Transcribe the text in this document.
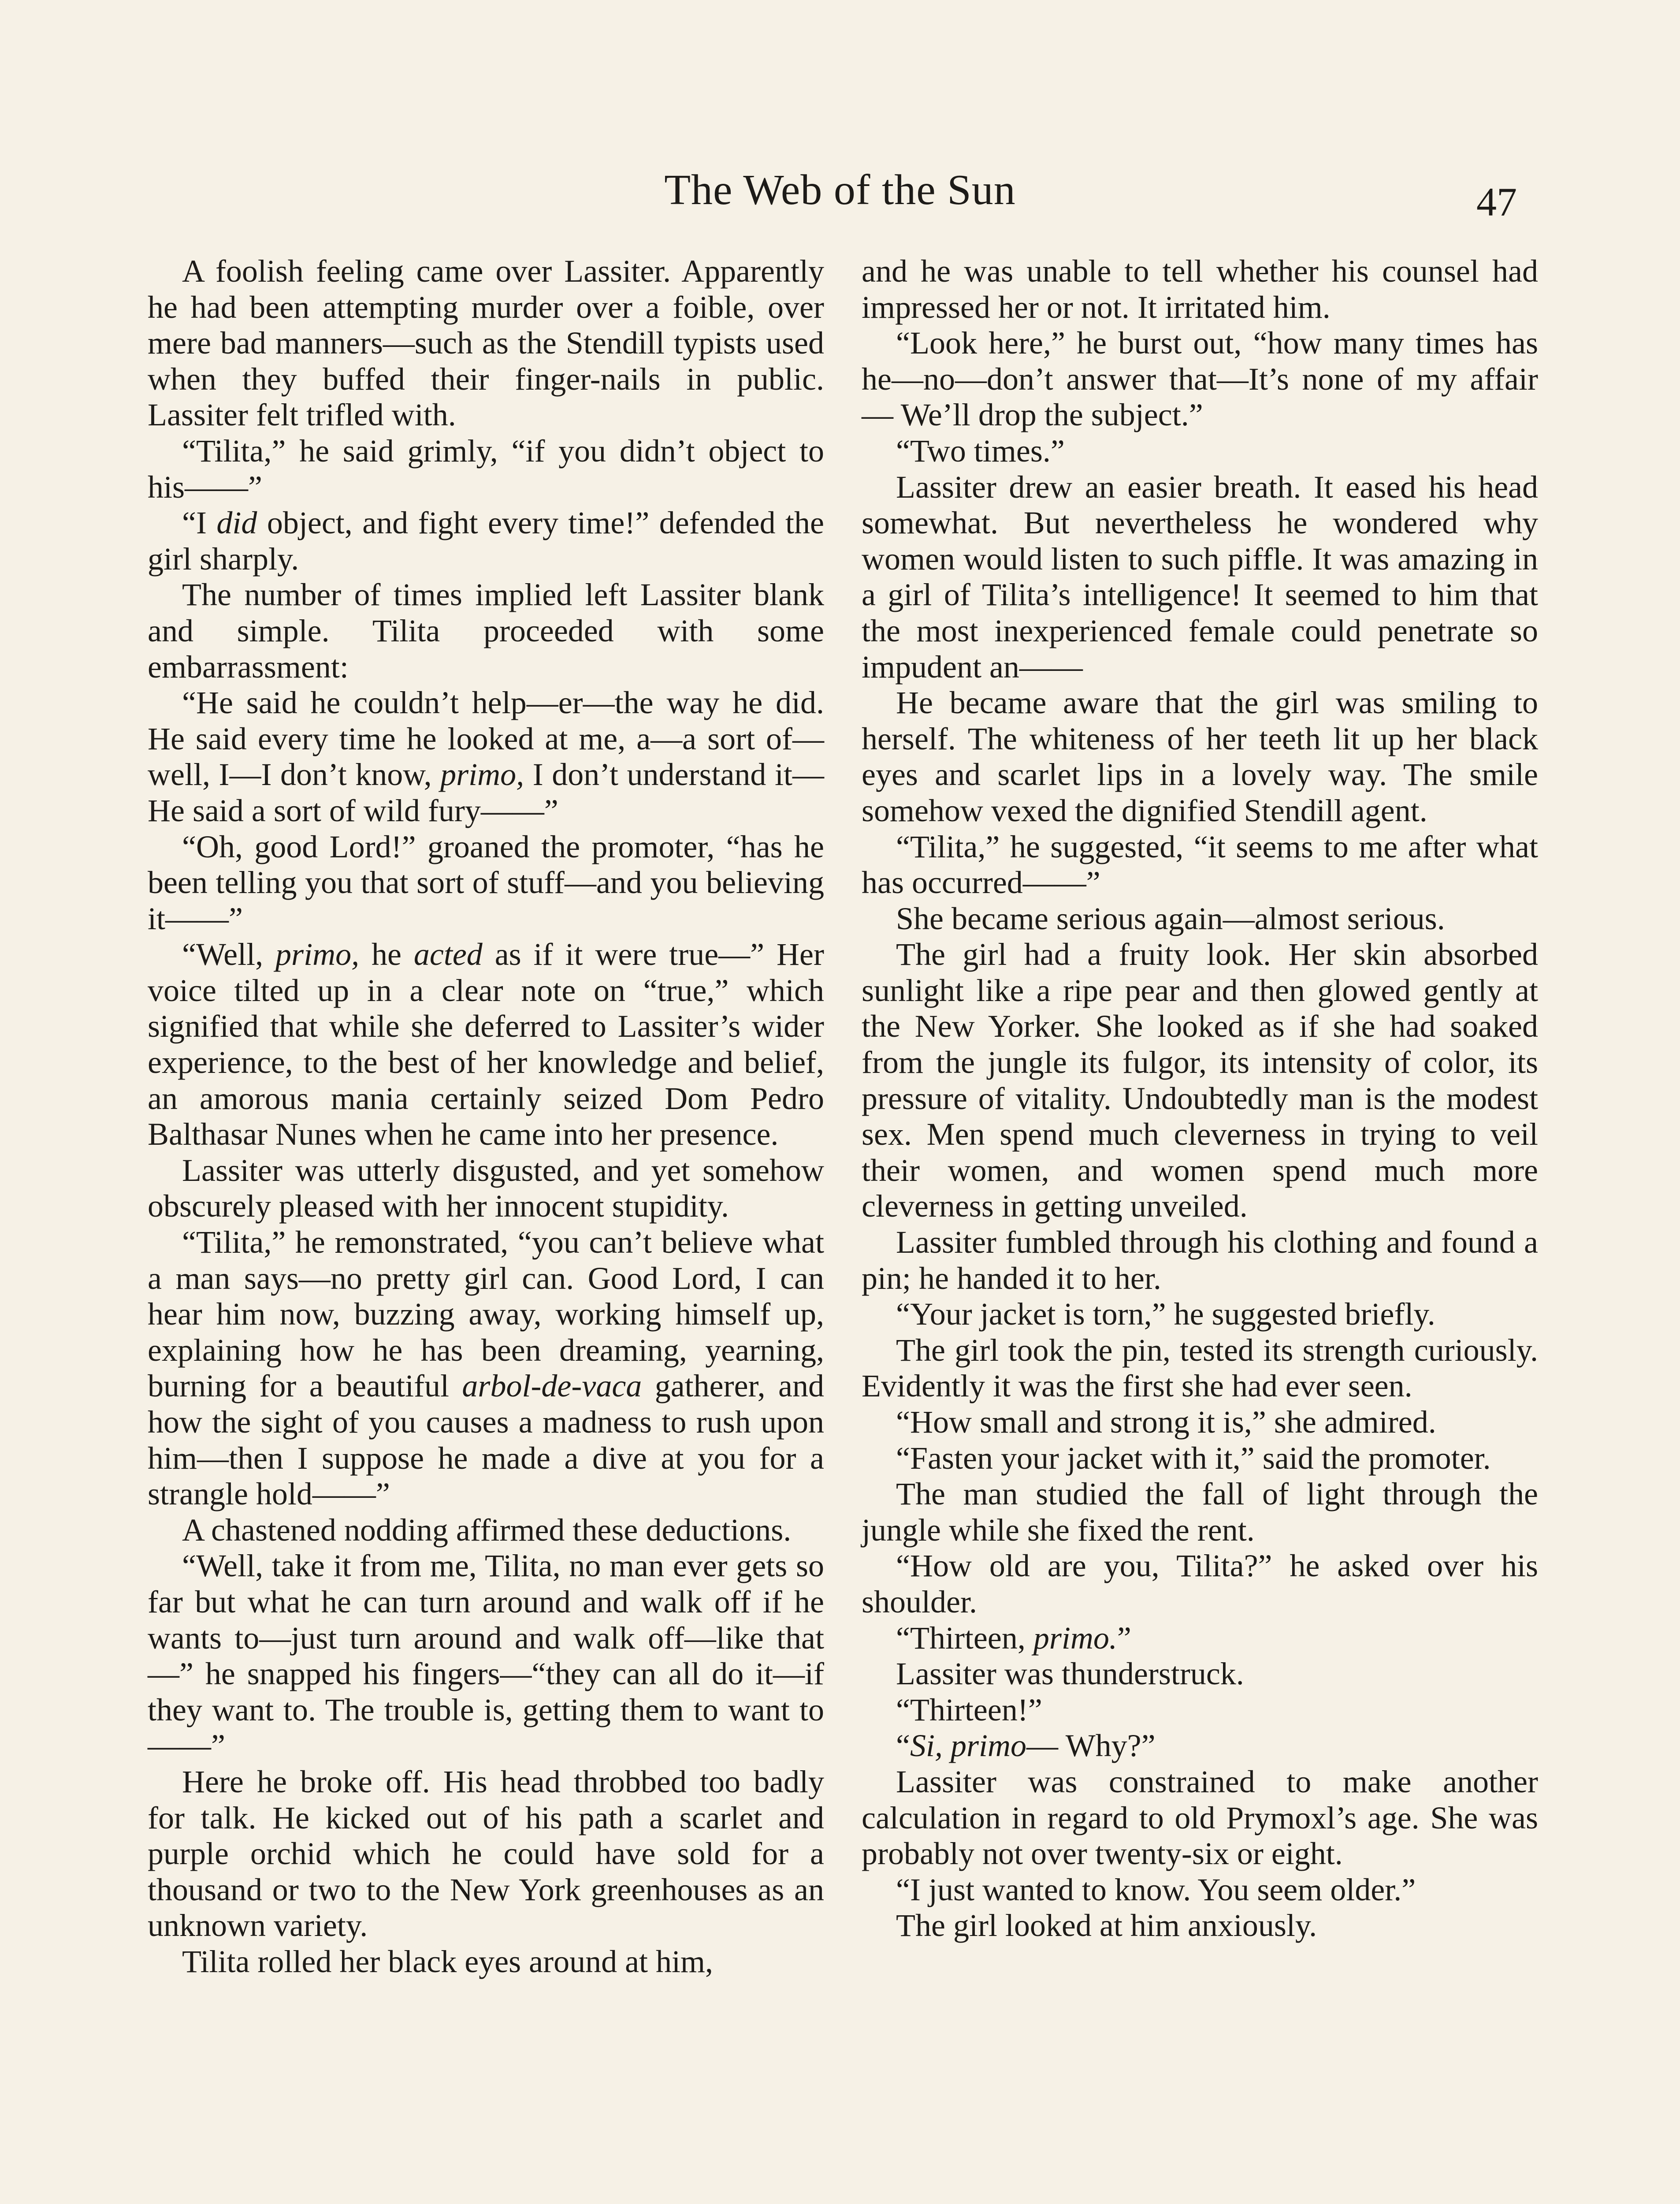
The Web of the Sun	47

A foolish feeling came over Lassiter. Apparently he had been attempting murder over a foible, over mere bad manners—such as the Stendill typists used when they buffed their finger-nails in public. Lassiter felt trifled with.

“Tilita,” he said grimly, “if you didn’t object to his——”

“I did object, and fight every time!” defended the girl sharply.

The number of times implied left Lassiter blank and simple. Tilita proceeded with some embarrassment:

“He said he couldn’t help—er—the way he did. He said every time he looked at me, a—a sort of—well, I—I don’t know, primo, I don’t understand it— He said a sort of wild fury——”

“Oh, good Lord!” groaned the promoter, “has he been telling you that sort of stuff—and you believing it——”

“Well, primo, he acted as if it were true—” Her voice tilted up in a clear note on “true,” which signified that while she deferred to Lassiter’s wider experience, to the best of her knowledge and belief, an amorous mania certainly seized Dom Pedro Balthasar Nunes when he came into her presence.

Lassiter was utterly disgusted, and yet somehow obscurely pleased with her innocent stupidity.

“Tilita,” he remonstrated, “you can’t believe what a man says—no pretty girl can. Good Lord, I can hear him now, buzzing away, working himself up, explaining how he has been dreaming, yearning, burning for a beautiful arbol-de-vaca gatherer, and how the sight of you causes a madness to rush upon him—then I suppose he made a dive at you for a strangle hold——”

A chastened nodding affirmed these deductions.

“Well, take it from me, Tilita, no man ever gets so far but what he can turn around and walk off if he wants to—just turn around and walk off—like that—” he snapped his fingers—“they can all do it—if they want to. The trouble is, getting them to want to——”

Here he broke off. His head throbbed too badly for talk. He kicked out of his path a scarlet and purple orchid which he could have sold for a thousand or two to the New York greenhouses as an unknown variety.

Tilita rolled her black eyes around at him,

and he was unable to tell whether his counsel had impressed her or not. It irritated him.

“Look here,” he burst out, “how many times has he—no—don’t answer that—It’s none of my affair— We’ll drop the subject.”

“Two times.”

Lassiter drew an easier breath. It eased his head somewhat. But nevertheless he wondered why women would listen to such piffle. It was amazing in a girl of Tilita’s intelligence! It seemed to him that the most inexperienced female could penetrate so impudent an——

He became aware that the girl was smiling to herself. The whiteness of her teeth lit up her black eyes and scarlet lips in a lovely way. The smile somehow vexed the dignified Stendill agent.

“Tilita,” he suggested, “it seems to me after what has occurred——”

She became serious again—almost serious.

The girl had a fruity look. Her skin absorbed sunlight like a ripe pear and then glowed gently at the New Yorker. She looked as if she had soaked from the jungle its fulgor, its intensity of color, its pressure of vitality. Undoubtedly man is the modest sex. Men spend much cleverness in trying to veil their women, and women spend much more cleverness in getting unveiled.

Lassiter fumbled through his clothing and found a pin; he handed it to her.

“Your jacket is torn,” he suggested briefly.

The girl took the pin, tested its strength curiously. Evidently it was the first she had ever seen.

“How small and strong it is,” she admired.

“Fasten your jacket with it,” said the promoter.

The man studied the fall of light through the jungle while she fixed the rent.

“How old are you, Tilita?” he asked over his shoulder.

“Thirteen, primo.”

Lassiter was thunderstruck.

“Thirteen!”

“Si, primo— Why?”

Lassiter was constrained to make another calculation in regard to old Prymoxl’s age. She was probably not over twenty-six or eight.

“I just wanted to know. You seem older.”

The girl looked at him anxiously.
